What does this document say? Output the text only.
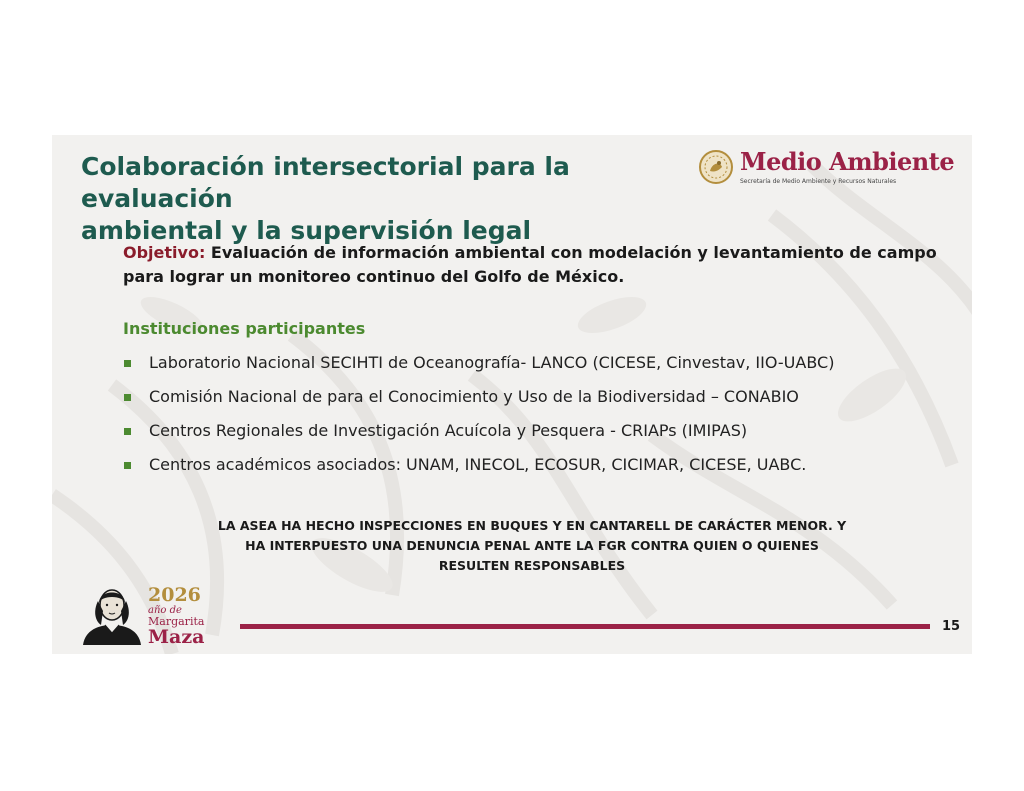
Colaboración intersectorial para la evaluación
ambiental y la supervisión legal
Medio Ambiente
Secretaría de Medio Ambiente y Recursos Naturales

Objetivo: Evaluación de información ambiental con modelación y levantamiento de campo para lograr un monitoreo continuo del Golfo de México.

Instituciones participantes
Laboratorio Nacional SECIHTI de Oceanografía- LANCO (CICESE, Cinvestav, IIO-UABC)
Comisión Nacional de para el Conocimiento y Uso de la Biodiversidad – CONABIO
Centros Regionales de Investigación Acuícola y Pesquera - CRIAPs (IMIPAS)
Centros académicos asociados: UNAM, INECOL, ECOSUR, CICIMAR, CICESE, UABC.

LA ASEA HA HECHO INSPECCIONES EN BUQUES Y EN CANTARELL DE CARÁCTER MENOR. Y
HA INTERPUESTO UNA DENUNCIA PENAL ANTE LA FGR CONTRA QUIEN O QUIENES
RESULTEN RESPONSABLES

2026
año de
Margarita
Maza	15
